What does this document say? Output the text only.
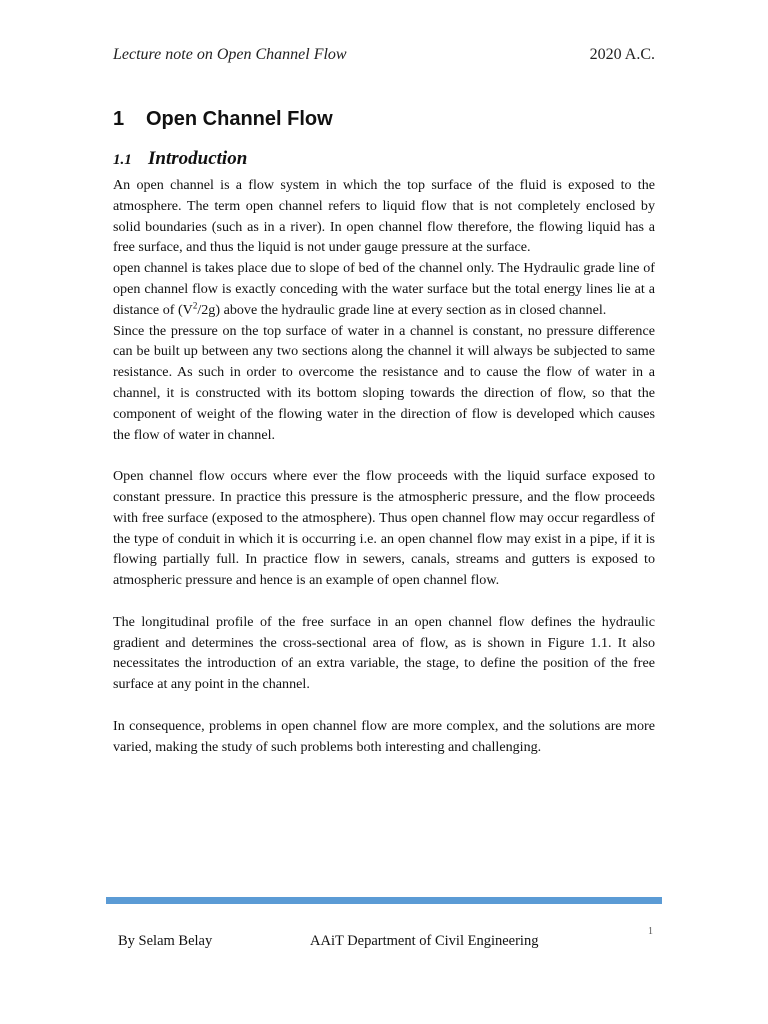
Lecture note on Open Channel Flow	2020 A.C.
1 Open Channel Flow
1.1 Introduction

An open channel is a flow system in which the top surface of the fluid is exposed to the atmosphere. The term open channel refers to liquid flow that is not completely enclosed by solid boundaries (such as in a river). In open channel flow therefore, the flowing liquid has a free surface, and thus the liquid is not under gauge pressure at the surface.

open channel is takes place due to slope of bed of the channel only. The Hydraulic grade line of open channel flow is exactly conceding with the water surface but the total energy lines lie at a distance of $(V^2/2g)$ above the hydraulic grade line at every section as in closed channel.

Since the pressure on the top surface of water in a channel is constant, no pressure difference can be built up between any two sections along the channel it will always be subjected to same resistance. As such in order to overcome the resistance and to cause the flow of water in a channel, it is constructed with its bottom sloping towards the direction of flow, so that the component of weight of the flowing water in the direction of flow is developed which causes the flow of water in channel.

Open channel flow occurs where ever the flow proceeds with the liquid surface exposed to constant pressure. In practice this pressure is the atmospheric pressure, and the flow proceeds with free surface (exposed to the atmosphere). Thus open channel flow may occur regardless of the type of conduit in which it is occurring i.e. an open channel flow may exist in a pipe, if it is flowing partially full. In practice flow in sewers, canals, streams and gutters is exposed to atmospheric pressure and hence is an example of open channel flow.

The longitudinal profile of the free surface in an open channel flow defines the hydraulic gradient and determines the cross-sectional area of flow, as is shown in Figure 1.1. It also necessitates the introduction of an extra variable, the stage, to define the position of the free surface at any point in the channel.

In consequence, problems in open channel flow are more complex, and the solutions are more varied, making the study of such problems both interesting and challenging.

1
By Selam Belay	AAiT Department of Civil Engineering
